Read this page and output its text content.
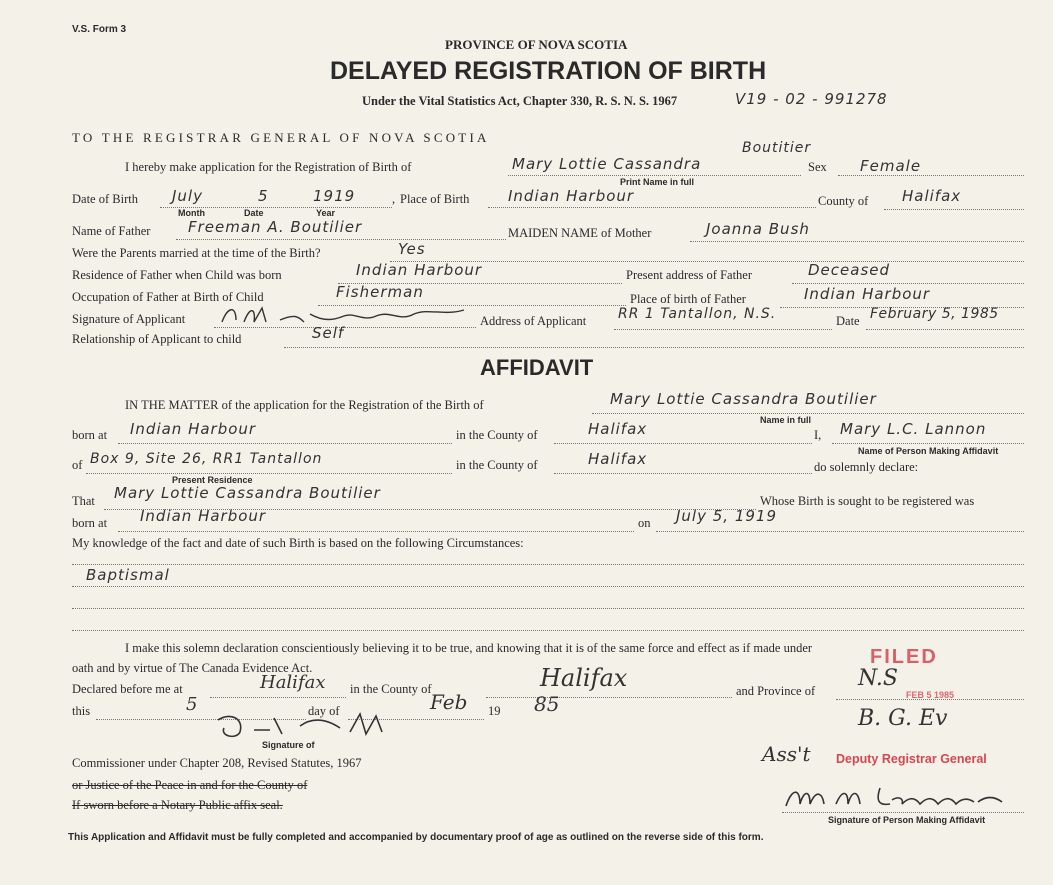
V.S. Form 3
PROVINCE OF NOVA SCOTIA
DELAYED REGISTRATION OF BIRTH
Under the Vital Statistics Act, Chapter 330, R. S. N. S. 1967	V19 - 02 - 991278
TO THE REGISTRAR GENERAL OF NOVA SCOTIA
I hereby make application for the Registration of Birth of	Mary Lottie Cassandra
Boutitier
Print Name in full
Sex Female
Date of Birth July	5	1919
Month	Date	Year
, Place of Birth	Indian Harbour	County of Halifax
Name of Father	Freeman A. Boutilier	MAIDEN NAME of Mother	Joanna Bush
Were the Parents married at the time of the Birth?	Yes
Residence of Father when Child was born	Indian Harbour	Present address of Father	Deceased
Occupation of Father at Birth of Child	Fisherman	Place of birth of Father	Indian Harbour
Signature of Applicant	Address of Applicant RR 1 Tantallon, N.S.	Date February 5, 1985
Relationship of Applicant to child	Self
AFFIDAVIT
IN THE MATTER of the application for the Registration of the Birth of	Mary Lottie Cassandra Boutilier
Name in full
born at Indian Harbour	in the County of	Halifax	I, Mary L.C. Lannon
Name of Person Making Affidavit
of Box 9, Site 26, RR1 Tantallon
Present Residence
in the County of	Halifax	do solemnly declare:
That Mary Lottie Cassandra Boutilier	Whose Birth is sought to be registered was
born at Indian Harbour	on July 5, 1919
My knowledge of the fact and date of such Birth is based on the following Circumstances:
Baptismal
I make this solemn declaration conscientiously believing it to be true, and knowing that it is of the same force and effect as if made under
oath and by virtue of The Canada Evidence Act.
Declared before me at	Halifax in the County of	Halifax	and Province of N.S
this	5	day of	Feb 19 85
Signature of
Commissioner under Chapter 208, Revised Statutes, 1967
or Justice of the Peace in and for the County of
If sworn before a Notary Public affix seal.
FILED
FEB 5 1985
B. G. Ev
Ass't Deputy Registrar General
Signature of Person Making Affidavit
This Application and Affidavit must be fully completed and accompanied by documentary proof of age as outlined on the reverse side of this form.
